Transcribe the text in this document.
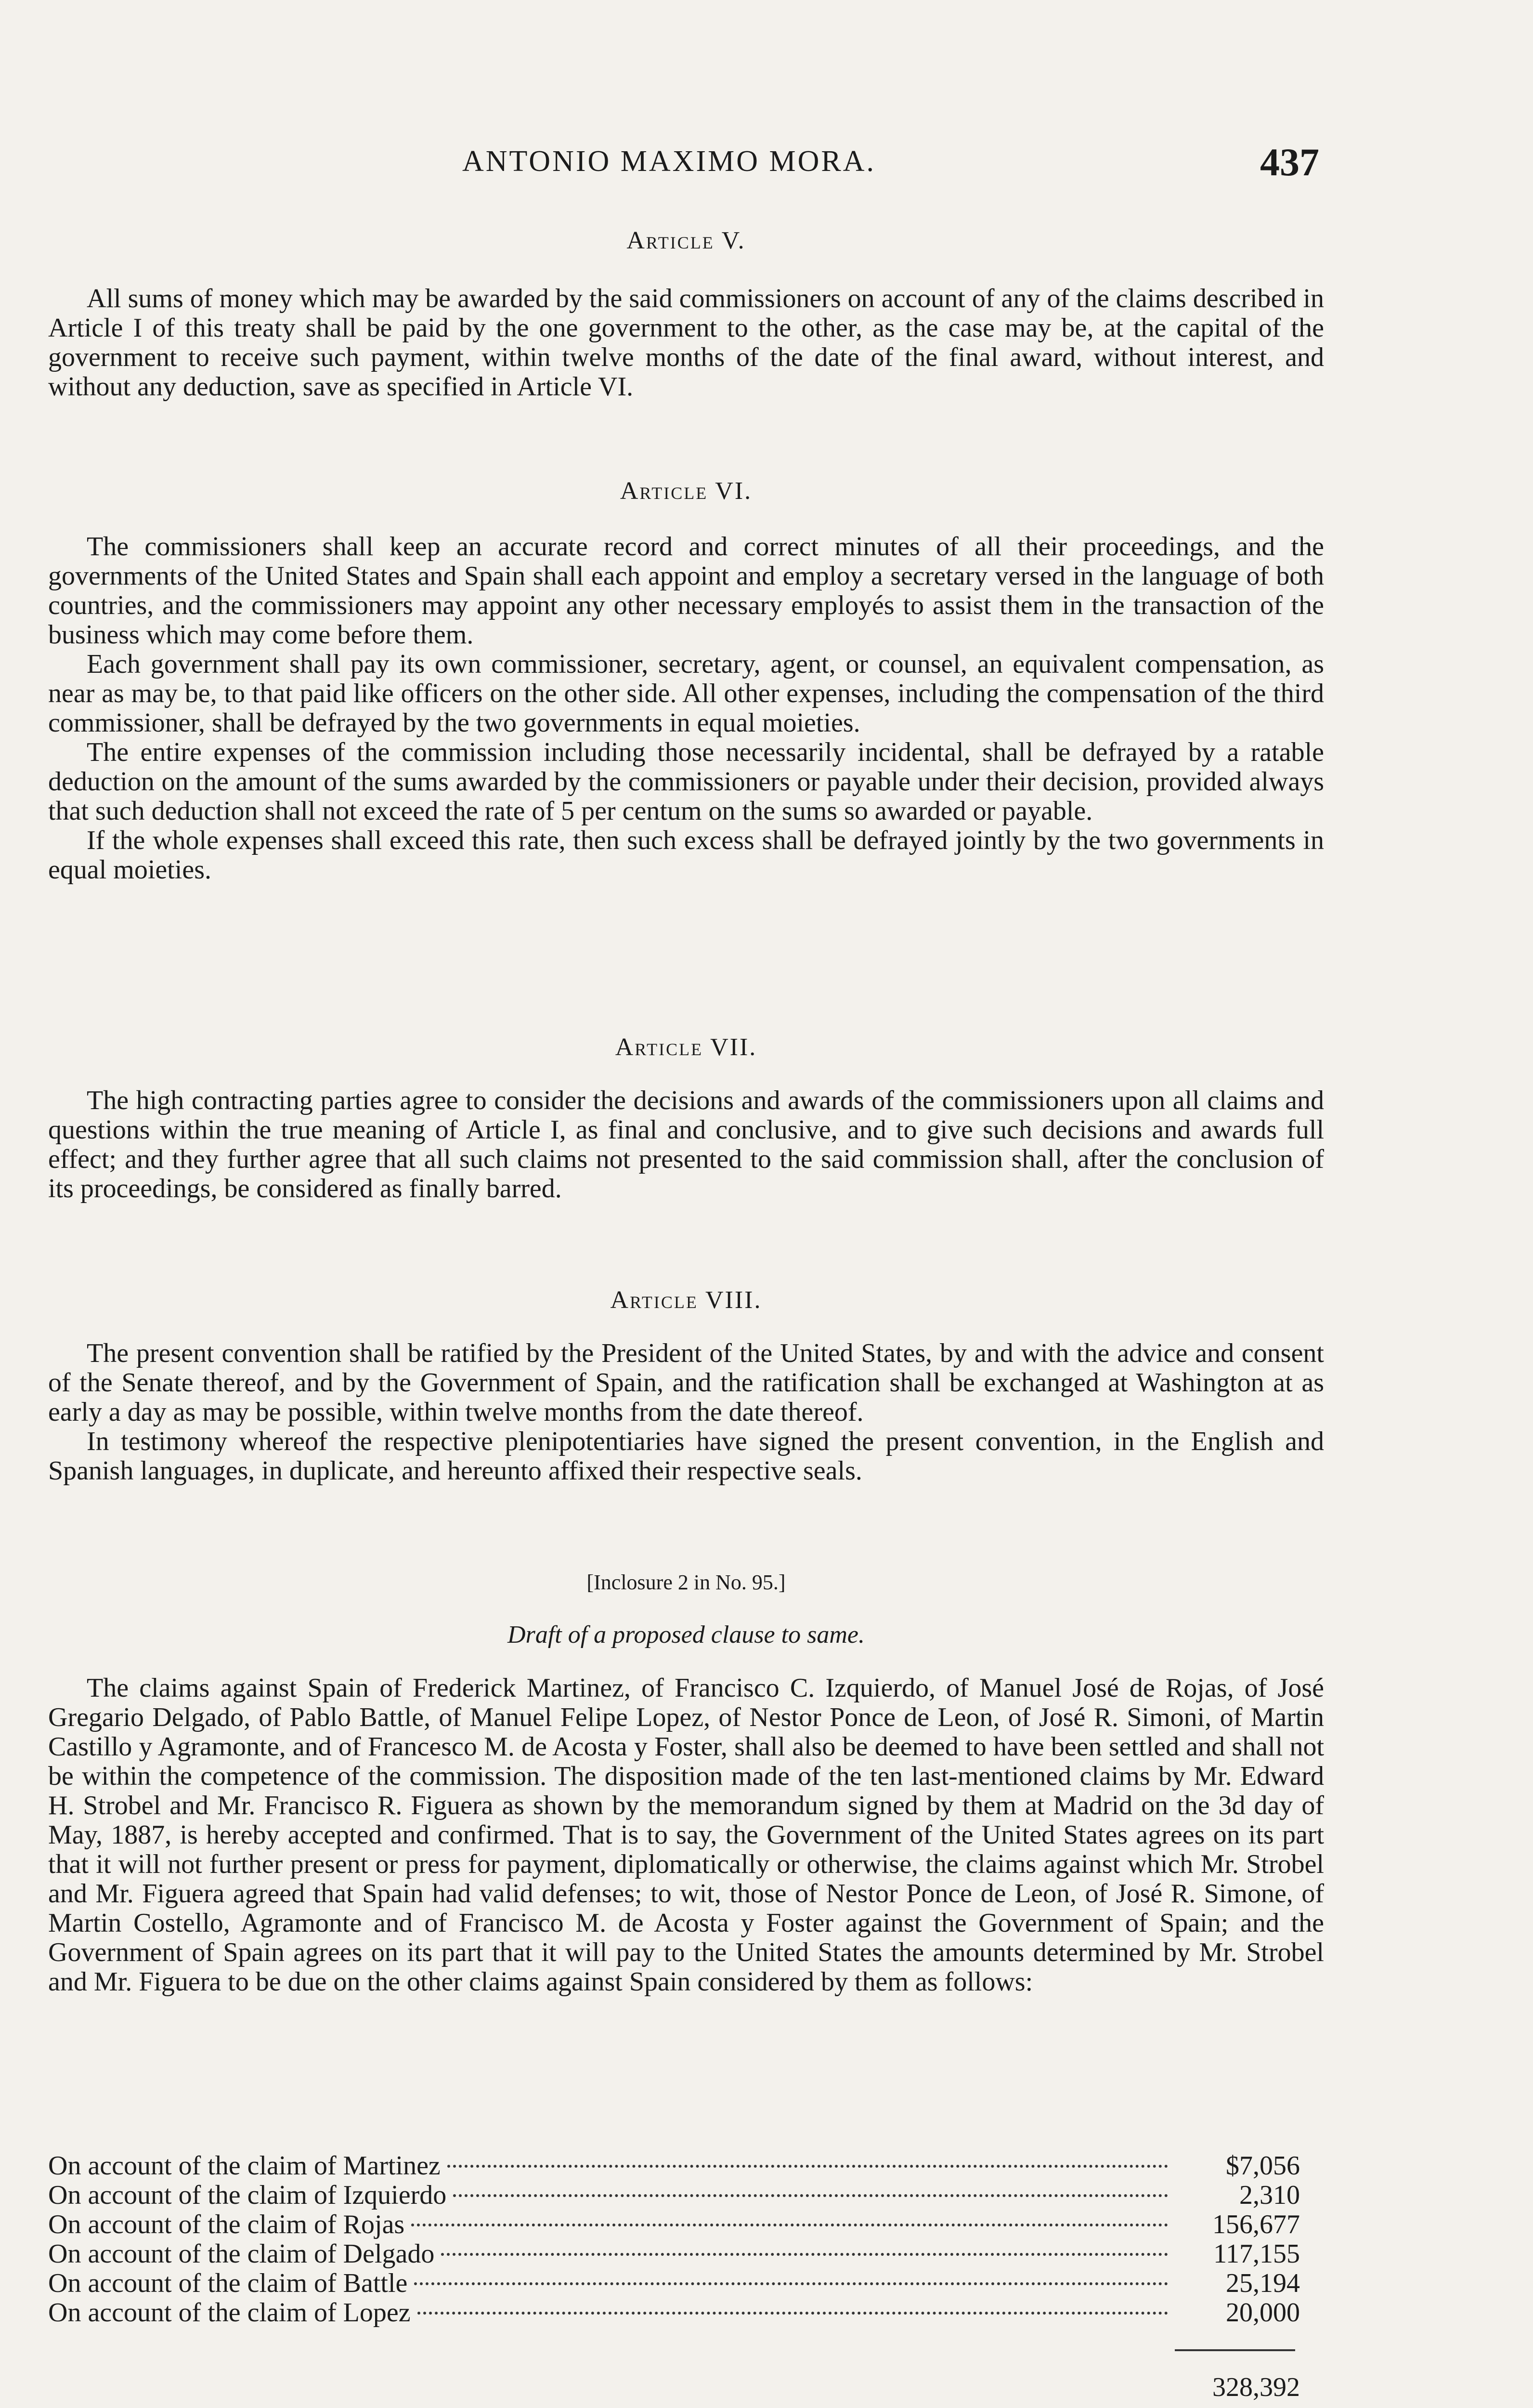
ANTONIO MAXIMO MORA.	437

Article V.

All sums of money which may be awarded by the said commissioners on account of any of the claims described in Article I of this treaty shall be paid by the one government to the other, as the case may be, at the capital of the government to receive such payment, within twelve months of the date of the final award, without interest, and without any deduction, save as specified in Article VI.

Article VI.

The commissioners shall keep an accurate record and correct minutes of all their proceedings, and the governments of the United States and Spain shall each appoint and employ a secretary versed in the language of both countries, and the commissioners may appoint any other necessary employés to assist them in the transaction of the business which may come before them.

Each government shall pay its own commissioner, secretary, agent, or counsel, an equivalent compensation, as near as may be, to that paid like officers on the other side. All other expenses, including the compensation of the third commissioner, shall be defrayed by the two governments in equal moieties.

The entire expenses of the commission including those necessarily incidental, shall be defrayed by a ratable deduction on the amount of the sums awarded by the commissioners or payable under their decision, provided always that such deduction shall not exceed the rate of 5 per centum on the sums so awarded or payable.

If the whole expenses shall exceed this rate, then such excess shall be defrayed jointly by the two governments in equal moieties.

Article VII.

The high contracting parties agree to consider the decisions and awards of the commissioners upon all claims and questions within the true meaning of Article I, as final and conclusive, and to give such decisions and awards full effect; and they further agree that all such claims not presented to the said commission shall, after the conclusion of its proceedings, be considered as finally barred.

Article VIII.

The present convention shall be ratified by the President of the United States, by and with the advice and consent of the Senate thereof, and by the Government of Spain, and the ratification shall be exchanged at Washington at as early a day as may be possible, within twelve months from the date thereof.

In testimony whereof the respective plenipotentiaries have signed the present convention, in the English and Spanish languages, in duplicate, and hereunto affixed their respective seals.

[Inclosure 2 in No. 95.]

Draft of a proposed clause to same.

The claims against Spain of Frederick Martinez, of Francisco C. Izquierdo, of Manuel José de Rojas, of José Gregario Delgado, of Pablo Battle, of Manuel Felipe Lopez, of Nestor Ponce de Leon, of José R. Simoni, of Martin Castillo y Agramonte, and of Francesco M. de Acosta y Foster, shall also be deemed to have been settled and shall not be within the competence of the commission. The disposition made of the ten last-mentioned claims by Mr. Edward H. Strobel and Mr. Francisco R. Figuera as shown by the memorandum signed by them at Madrid on the 3d day of May, 1887, is hereby accepted and confirmed. That is to say, the Government of the United States agrees on its part that it will not further present or press for payment, diplomatically or otherwise, the claims against which Mr. Strobel and Mr. Figuera agreed that Spain had valid defenses; to wit, those of Nestor Ponce de Leon, of José R. Simone, of Martin Costello, Agramonte and of Francisco M. de Acosta y Foster against the Government of Spain; and the Government of Spain agrees on its part that it will pay to the United States the amounts determined by Mr. Strobel and Mr. Figuera to be due on the other claims against Spain considered by them as follows:

On account of the claim of Martinez	$7,056
On account of the claim of Izquierdo	2,310
On account of the claim of Rojas	156,677
On account of the claim of Delgado	117,155
On account of the claim of Battle	25,194
On account of the claim of Lopez	20,000
328,392
